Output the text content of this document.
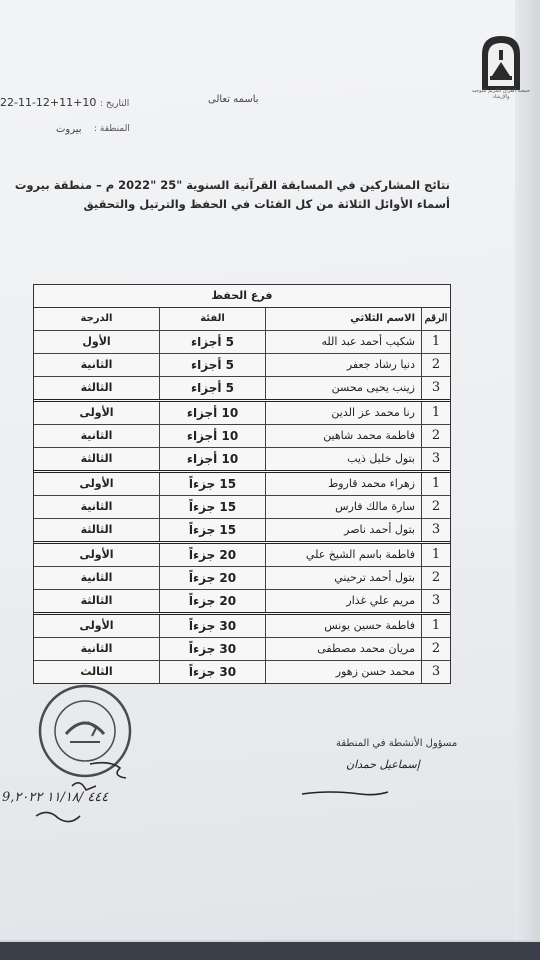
جمعية القرآن الكريم للتوجيه والإرشاد
باسمه تعالى
التاريخ :
22-11-12+11+10
المنطقة :
بيروت
نتائج المشاركين في المسابقة القرآنية السنوية "25 "2022 م – منطقة بيروت
أسماء الأوائل الثلاثة من كل الفئات في الحفظ والترتيل والتحقيق
فرع الحفظ
الدرجة	الفئة	الاسم الثلاثي الرقم
الأول	5 أجزاء	شكيب أحمد عبد الله	1
الثانية	5 أجزاء	دنيا رشاد جعفر	2
الثالثة	5 أجزاء	زينب يحيى محسن	3
الأولى	10 أجزاء	رنا محمد عز الدين	1
الثانية	10 أجزاء	فاطمة محمد شاهين	2
الثالثة	10 أجزاء	بتول خليل ذيب	3
الأولى	15 جزءاً	زهراء محمد قاروط	1
الثانية	15 جزءاً	سارة مالك فارس	2
الثالثة	15 جزءاً	بتول أحمد ناصر	3
الأولى	20 جزءاً	فاطمة باسم الشيخ علي	1
الثانية	20 جزءاً	بتول أحمد ترحيني	2
الثالثة	20 جزءاً	مريم علي غذار	3
الأولى	30 جزءاً	فاطمة حسين يونس	1
الثانية	30 جزءاً	مريان محمد مصطفى	2
الثالث	30 جزءاً	محمد حسن زهور	3
9,٤٤٤ /١١/١٨ ٢٠٢٢
مسؤول الأنشطة في المنطقة
إسماعيل حمدان
